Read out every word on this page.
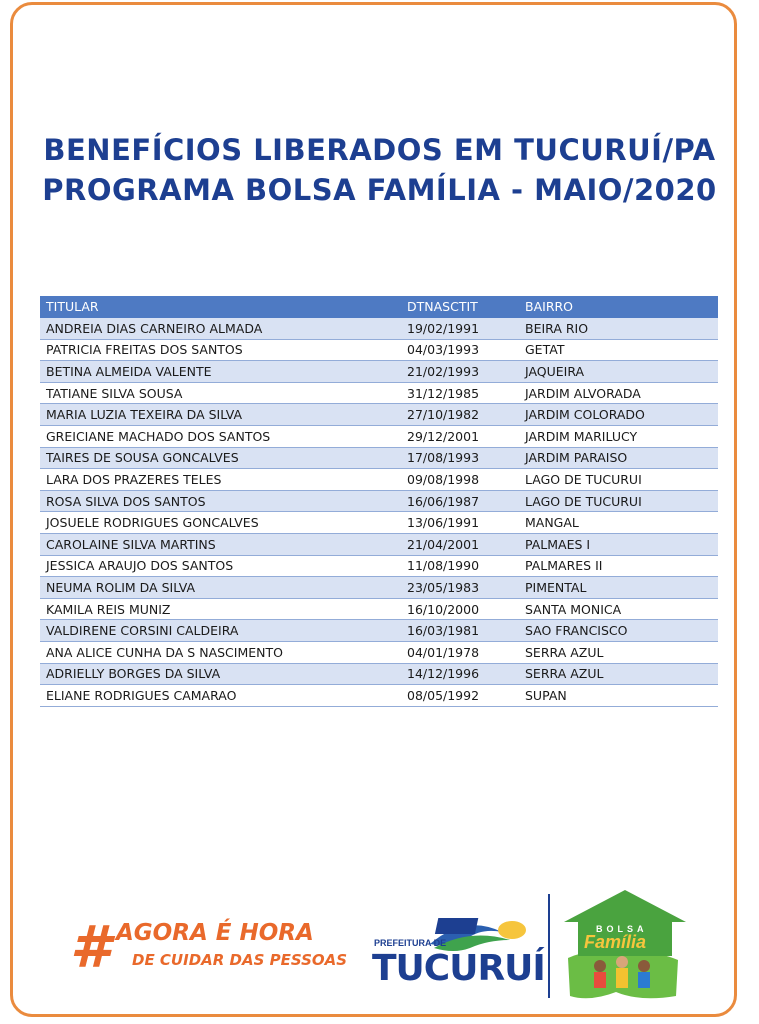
BENEFÍCIOS LIBERADOS EM TUCURUÍ/PA
PROGRAMA BOLSA FAMÍLIA - MAIO/2020
TITULAR	DTNASCTIT	BAIRRO
ANDREIA DIAS CARNEIRO ALMADA	19/02/1991	BEIRA RIO
PATRICIA FREITAS DOS SANTOS	04/03/1993	GETAT
BETINA ALMEIDA VALENTE	21/02/1993	JAQUEIRA
TATIANE SILVA SOUSA	31/12/1985	JARDIM ALVORADA
MARIA LUZIA TEXEIRA DA SILVA	27/10/1982	JARDIM COLORADO
GREICIANE MACHADO DOS SANTOS	29/12/2001	JARDIM MARILUCY
TAIRES DE SOUSA GONCALVES	17/08/1993	JARDIM PARAISO
LARA DOS PRAZERES TELES	09/08/1998	LAGO DE TUCURUI
ROSA SILVA DOS SANTOS	16/06/1987	LAGO DE TUCURUI
JOSUELE RODRIGUES GONCALVES	13/06/1991	MANGAL
CAROLAINE SILVA MARTINS	21/04/2001	PALMAES I
JESSICA ARAUJO DOS SANTOS	11/08/1990	PALMARES II
NEUMA ROLIM DA SILVA	23/05/1983	PIMENTAL
KAMILA REIS MUNIZ	16/10/2000	SANTA MONICA
VALDIRENE CORSINI CALDEIRA	16/03/1981	SAO FRANCISCO
ANA ALICE CUNHA DA S NASCIMENTO	04/01/1978	SERRA AZUL
ADRIELLY BORGES DA SILVA	14/12/1996	SERRA AZUL
ELIANE RODRIGUES CAMARAO	08/05/1992	SUPAN
# AGORA É HORA
DE CUIDAR DAS PESSOAS
PREFEITURA DE
TUCURUÍ
BOLSA
Família
